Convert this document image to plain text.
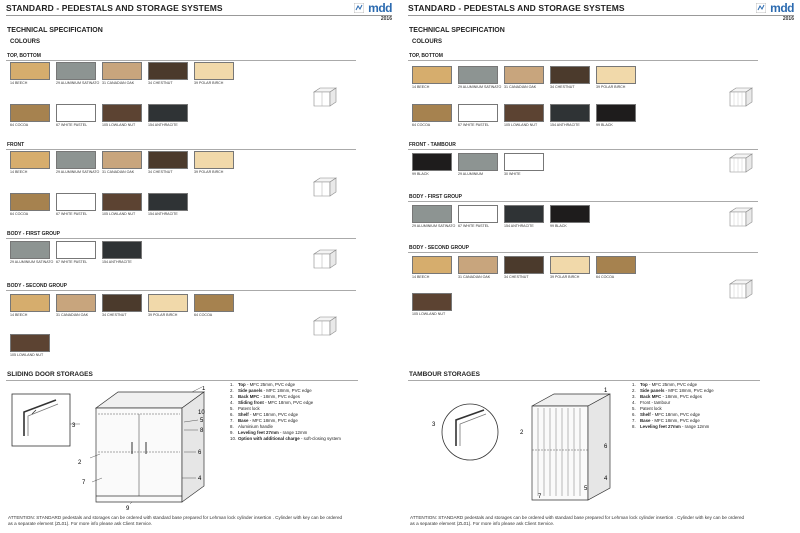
STANDARD - PEDESTALS AND STORAGE SYSTEMS	mdd
2016
TECHNICAL SPECIFICATION
COLOURS
TOP, BOTTOM
FRONT
BODY - FIRST GROUP
BODY - SECOND GROUP
14 BEECH	29 ALUMINIUM SATINATO 31 CANADIAN OAK	34 CHESTNUT	39 POLAR BIRCH
64 COCOA	67 WHITE PASTEL	105 LOWLAND NUT	154 ANTHRACITE
14 BEECH	29 ALUMINIUM SATINATO 31 CANADIAN OAK	34 CHESTNUT	39 POLAR BIRCH
64 COCOA	67 WHITE PASTEL	105 LOWLAND NUT	154 ANTHRACITE
29 ALUMINIUM SATINATO 67 WHITE PASTEL	154 ANTHRACITE
14 BEECH	31 CANADIAN OAK	34 CHESTNUT	39 POLAR BIRCH	64 COCOA
105 LOWLAND NUT
SLIDING DOOR STORAGES
1
2
3
4
5
6
7
8
9
10
1. Top - MFC 25mm, PVC edge
2. Side panels - MFC 18mm, PVC edge
3. Back MFC - 18mm, PVC edges
4. Sliding front - MFC 18mm, PVC edge
5. Patent lock
6. Shelf - MFC 18mm, PVC edge
7. Base - MFC 18mm, PVC edge
8. Aluminium handle
9. Leveling feet 27mm - range 12mm
10. Option with additional charge - soft-closing system
ATTENTION: STANDARD pedestals and storages can be ordered with standard base prepared for Lehman lock cylinder insertion . Cylinder with key can be ordered as a separate element (ZL01). For more info please ask Client Service.
STANDARD - PEDESTALS AND STORAGE SYSTEMS	mdd
2016
TECHNICAL SPECIFICATION
COLOURS
TOP, BOTTOM
FRONT - TAMBOUR
BODY - FIRST GROUP
BODY - SECOND GROUP
14 BEECH	29 ALUMINIUM SATINATO 31 CANADIAN OAK	34 CHESTNUT	39 POLAR BIRCH
64 COCOA	67 WHITE PASTEL	105 LOWLAND NUT	154 ANTHRACITE	99 BLACK
99 BLACK	29 ALUMINIUM	30 WHITE
29 ALUMINIUM SATINATO 67 WHITE PASTEL	154 ANTHRACITE	99 BLACK
14 BEECH	31 CANADIAN OAK	34 CHESTNUT	39 POLAR BIRCH	64 COCOA
105 LOWLAND NUT
TAMBOUR STORAGES
1
2
3
4
5
6
7
1. Top - MFC 25mm, PVC edge
2. Side panels - MFC 18mm, PVC edge
3. Back MFC - 18mm, PVC edges
4. Front - tambour
5. Patent lock
6. Shelf - MFC 18mm, PVC edge
7. Base - MFC 18mm, PVC edge
8. Leveling feet 27mm - range 12mm
ATTENTION: STANDARD pedestals and storages can be ordered with standard base prepared for Lehman lock cylinder insertion . Cylinder with key can be ordered as a separate element (ZL01). For more info please ask Client Service.
